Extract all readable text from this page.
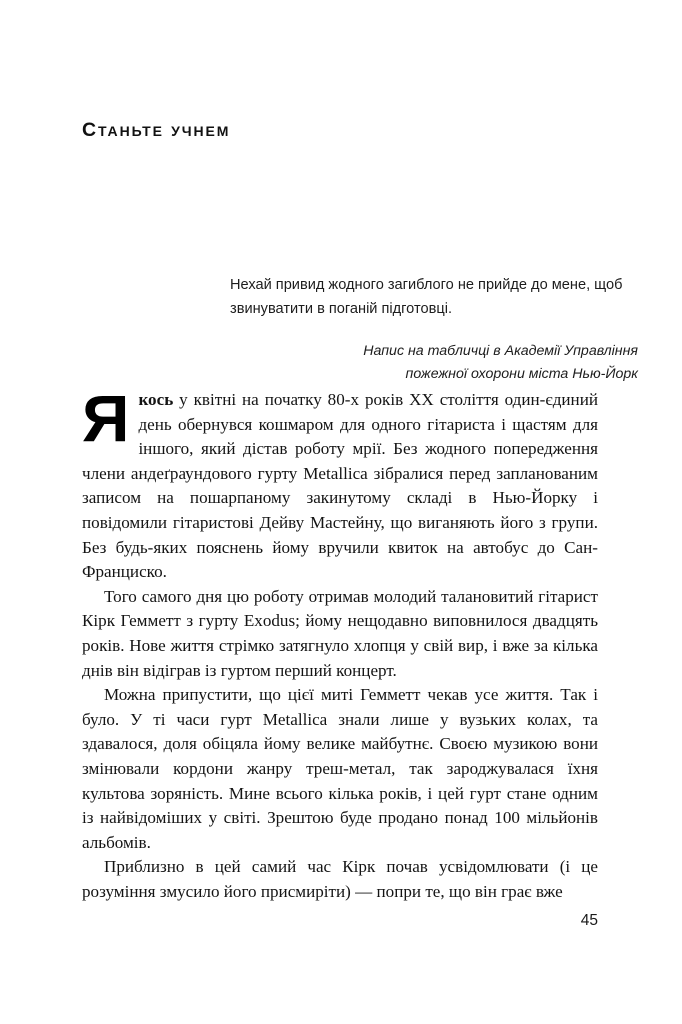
Станьте учнем
Нехай привид жодного загиблого не прийде до мене, щоб звинуватити в поганій підготовці.
Напис на табличці в Академії Управління
пожежної охорони міста Нью-Йорк

Якось у квітні на початку 80-х років XX століття один-єдиний день обернувся кошмаром для одного гітариста і щастям для іншого, який дістав роботу мрії. Без жодного попередження члени андеґраундового гурту Metallica зібралися перед запланованим записом на пошарпаному закинутому складі в Нью-Йорку і повідомили гітаристові Дейву Мастейну, що виганяють його з групи. Без будь-яких пояснень йому вручили квиток на автобус до Сан-Франциско.

Того самого дня цю роботу отримав молодий талановитий гітарист Кірк Гемметт з гурту Exodus; йому нещодавно виповнилося двадцять років. Нове життя стрімко затягнуло хлопця у свій вир, і вже за кілька днів він відіграв із гуртом перший концерт.

Можна припустити, що цієї миті Гемметт чекав усе життя. Так і було. У ті часи гурт Metallica знали лише у вузьких колах, та здавалося, доля обіцяла йому велике майбутнє. Своєю музикою вони змінювали кордони жанру треш-метал, так зароджувалася їхня культова зоряність. Мине всього кілька років, і цей гурт стане одним із найвідоміших у світі. Зрештою буде продано понад 100 мільйонів альбомів.

Приблизно в цей самий час Кірк почав усвідомлювати (і це розуміння змусило його присмиріти) — попри те, що він грає вже

45
